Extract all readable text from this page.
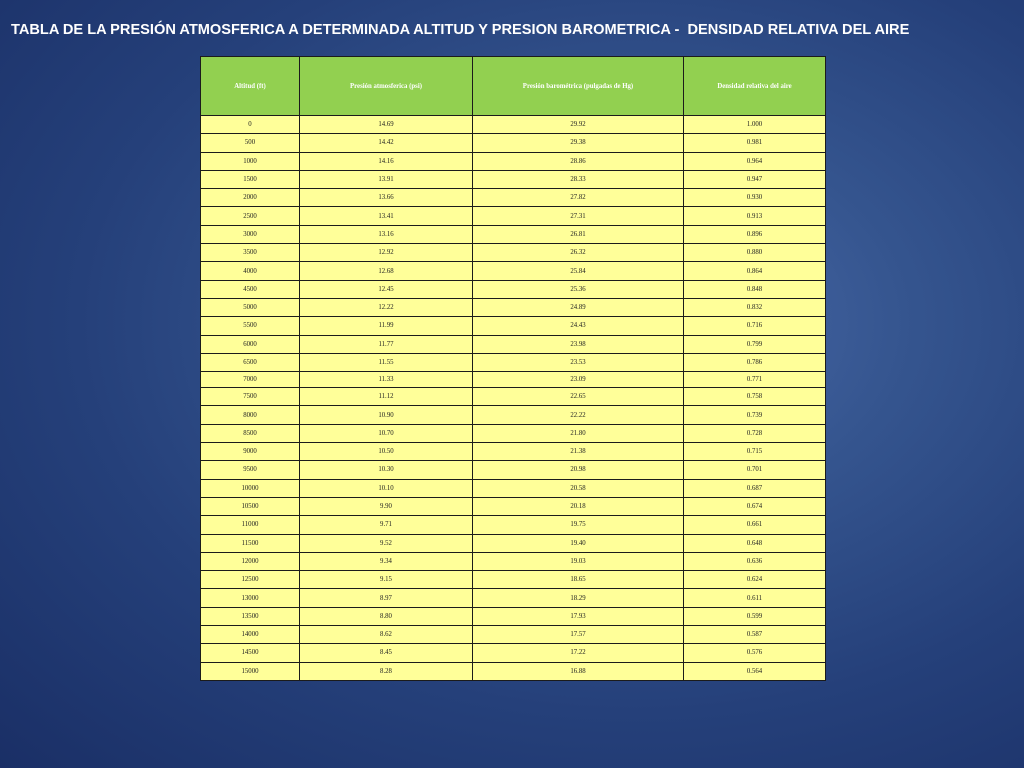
TABLA DE LA PRESIÓN ATMOSFERICA A DETERMINADA ALTITUD Y PRESION BAROMETRICA -  DENSIDAD RELATIVA DEL AIRE
Altitud (ft)	Presión atmosferica (psi)	Presión barométrica (pulgadas de Hg)	Densidad relativa del aire
0	14.69	29.92	1.000
500	14.42	29.38	0.981
1000	14.16	28.86	0.964
1500	13.91	28.33	0.947
2000	13.66	27.82	0.930
2500	13.41	27.31	0.913
3000	13.16	26.81	0.896
3500	12.92	26.32	0.880
4000	12.68	25.84	0.864
4500	12.45	25.36	0.848
5000	12.22	24.89	0.832
5500	11.99	24.43	0.716
6000	11.77	23.98	0.799
6500	11.55	23.53	0.786
7000	11.33	23.09	0.771
7500	11.12	22.65	0.758
8000	10.90	22.22	0.739
8500	10.70	21.80	0.728
9000	10.50	21.38	0.715
9500	10.30	20.98	0.701
10000	10.10	20.58	0.687
10500	9.90	20.18	0.674
11000	9.71	19.75	0.661
11500	9.52	19.40	0.648
12000	9.34	19.03	0.636
12500	9.15	18.65	0.624
13000	8.97	18.29	0.611
13500	8.80	17.93	0.599
14000	8.62	17.57	0.587
14500	8.45	17.22	0.576
15000	8.28	16.88	0.564
